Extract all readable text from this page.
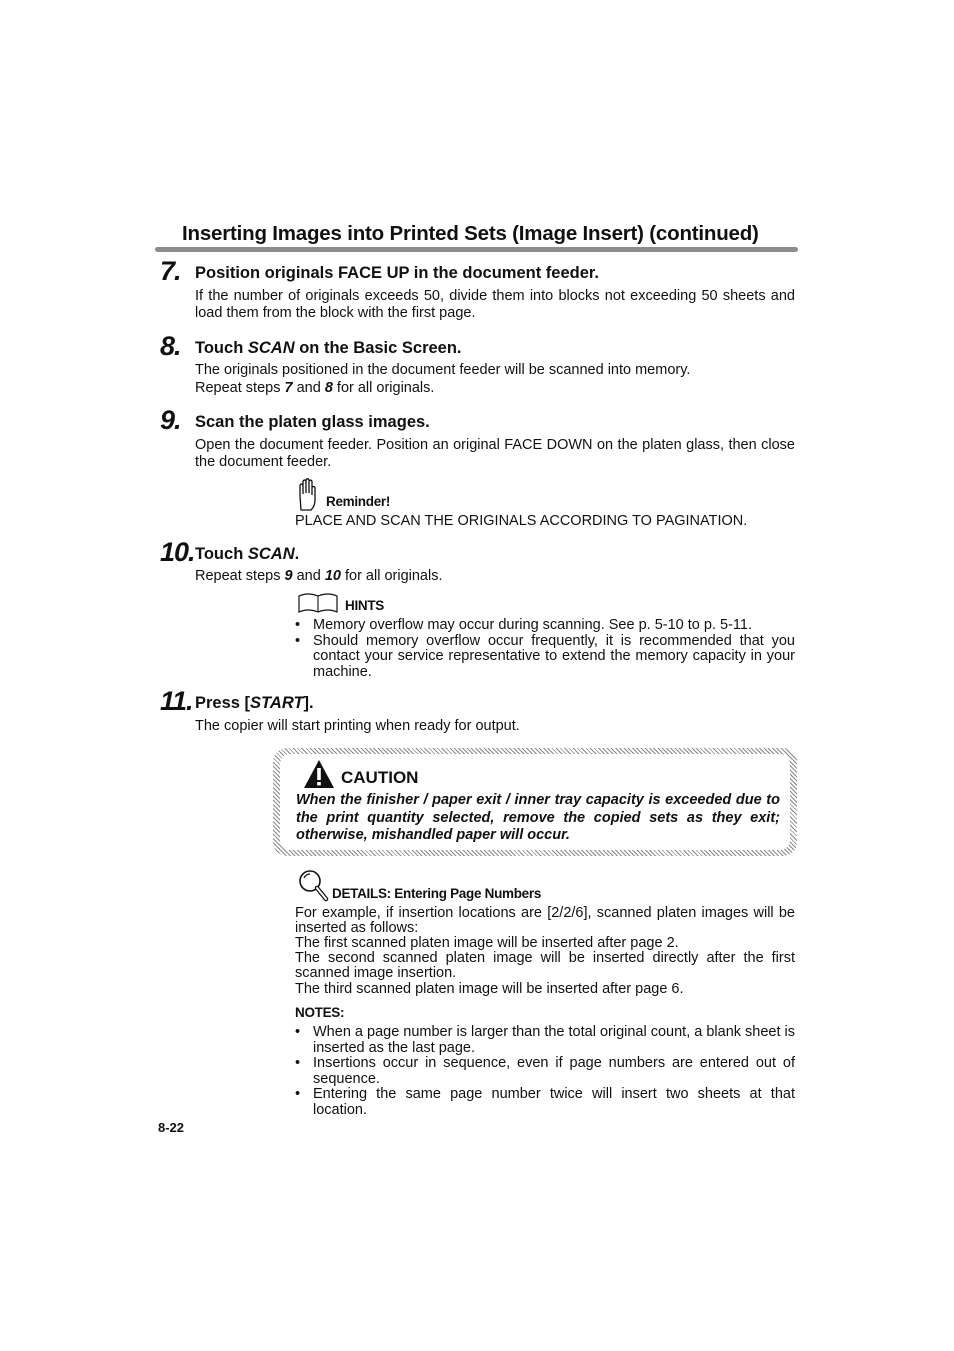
Inserting Images into Printed Sets (Image Insert) (continued)
7. Position originals FACE UP in the document feeder.
If the number of originals exceeds 50, divide them into blocks not exceeding 50 sheets and load them from the block with the first page.
8. Touch SCAN on the Basic Screen.
The originals positioned in the document feeder will be scanned into memory.
Repeat steps 7 and 8 for all originals.
9. Scan the platen glass images.
Open the document feeder. Position an original FACE DOWN on the platen glass, then close the document feeder.
Reminder!
PLACE AND SCAN THE ORIGINALS ACCORDING TO PAGINATION.
10. Touch SCAN.
Repeat steps 9 and 10 for all originals.
HINTS
• Memory overflow may occur during scanning. See p. 5-10 to p. 5-11.
• Should memory overflow occur frequently, it is recommended that you contact your service representative to extend the memory capacity in your machine.
11. Press [START].
The copier will start printing when ready for output.
CAUTION
When the finisher / paper exit / inner tray capacity is exceeded due to the print quantity selected, remove the copied sets as they exit; otherwise, mishandled paper will occur.
DETAILS: Entering Page Numbers
For example, if insertion locations are [2/2/6], scanned platen images will be inserted as follows:
The first scanned platen image will be inserted after page 2.
The second scanned platen image will be inserted directly after the first scanned image insertion.
The third scanned platen image will be inserted after page 6.
NOTES:
• When a page number is larger than the total original count, a blank sheet is inserted as the last page.
• Insertions occur in sequence, even if page numbers are entered out of sequence.
• Entering the same page number twice will insert two sheets at that location.
8-22
